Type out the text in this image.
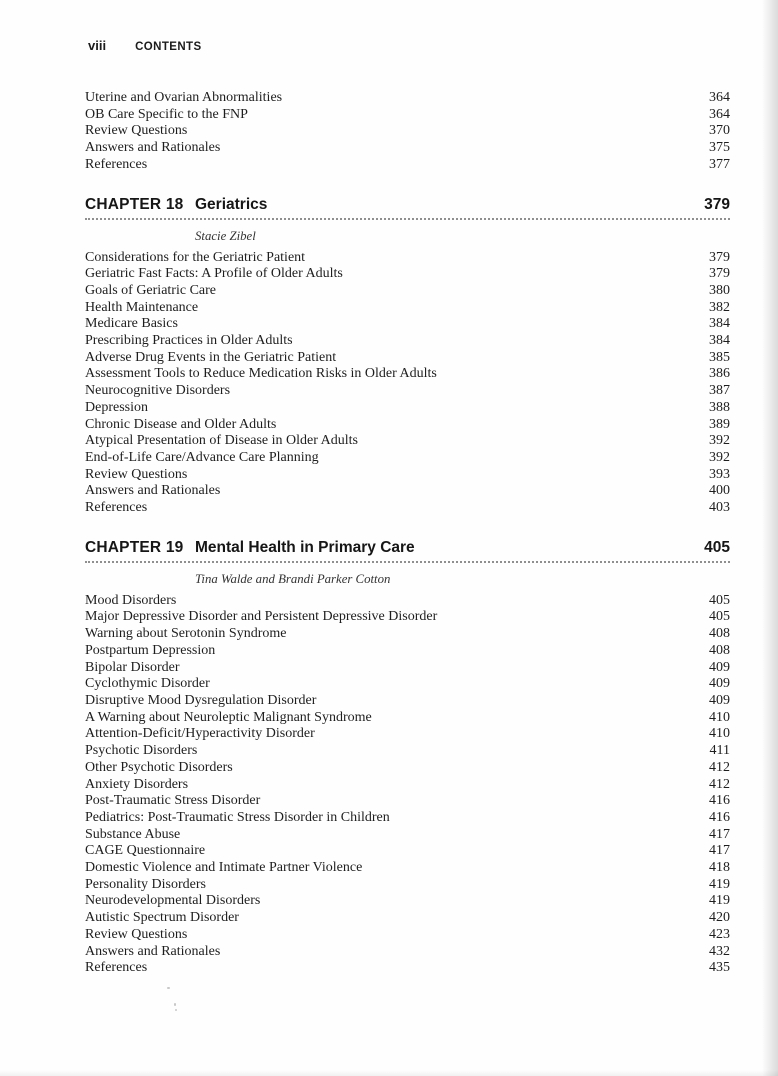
viii	CONTENTS
Uterine and Ovarian Abnormalities	364
OB Care Specific to the FNP	364
Review Questions	370
Answers and Rationales	375
References	377
CHAPTER 18 Geriatrics	379
Stacie Zibel
Considerations for the Geriatric Patient	379
Geriatric Fast Facts: A Profile of Older Adults	379
Goals of Geriatric Care	380
Health Maintenance	382
Medicare Basics	384
Prescribing Practices in Older Adults	384
Adverse Drug Events in the Geriatric Patient	385
Assessment Tools to Reduce Medication Risks in Older Adults	386
Neurocognitive Disorders	387
Depression	388
Chronic Disease and Older Adults	389
Atypical Presentation of Disease in Older Adults	392
End-of-Life Care/Advance Care Planning	392
Review Questions	393
Answers and Rationales	400
References	403
CHAPTER 19 Mental Health in Primary Care	405
Tina Walde and Brandi Parker Cotton
Mood Disorders	405
Major Depressive Disorder and Persistent Depressive Disorder	405
Warning about Serotonin Syndrome	408
Postpartum Depression	408
Bipolar Disorder	409
Cyclothymic Disorder	409
Disruptive Mood Dysregulation Disorder	409
A Warning about Neuroleptic Malignant Syndrome	410
Attention-Deficit/Hyperactivity Disorder	410
Psychotic Disorders	411
Other Psychotic Disorders	412
Anxiety Disorders	412
Post-Traumatic Stress Disorder	416
Pediatrics: Post-Traumatic Stress Disorder in Children	416
Substance Abuse	417
CAGE Questionnaire	417
Domestic Violence and Intimate Partner Violence	418
Personality Disorders	419
Neurodevelopmental Disorders	419
Autistic Spectrum Disorder	420
Review Questions	423
Answers and Rationales	432
References	435
